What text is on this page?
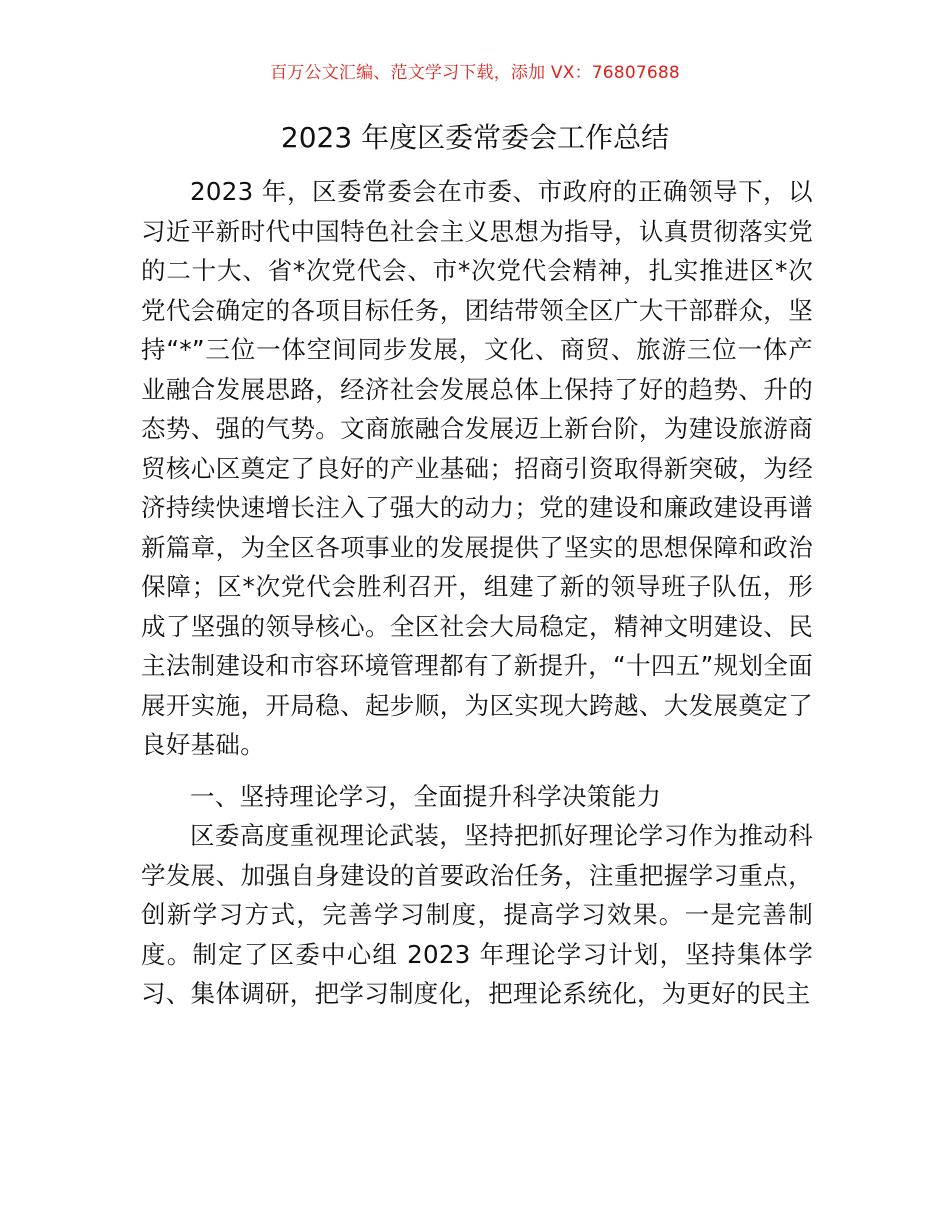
百万公文汇编、范文学习下载，添加 VX：76807688
2023 年度区委常委会工作总结

2023 年，区委常委会在市委、市政府的正确领导下，以习近平新时代中国特色社会主义思想为指导，认真贯彻落实党的二十大、省*次党代会、市*次党代会精神，扎实推进区*次党代会确定的各项目标任务，团结带领全区广大干部群众，坚持“*”三位一体空间同步发展，文化、商贸、旅游三位一体产业融合发展思路，经济社会发展总体上保持了好的趋势、升的态势、强的气势。文商旅融合发展迈上新台阶，为建设旅游商贸核心区奠定了良好的产业基础；招商引资取得新突破，为经济持续快速增长注入了强大的动力；党的建设和廉政建设再谱新篇章，为全区各项事业的发展提供了坚实的思想保障和政治保障；区*次党代会胜利召开，组建了新的领导班子队伍，形成了坚强的领导核心。全区社会大局稳定，精神文明建设、民主法制建设和市容环境管理都有了新提升，“十四五”规划全面展开实施，开局稳、起步顺，为区实现大跨越、大发展奠定了良好基础。

一、坚持理论学习，全面提升科学决策能力

区委高度重视理论武装，坚持把抓好理论学习作为推动科学发展、加强自身建设的首要政治任务，注重把握学习重点，创新学习方式，完善学习制度，提高学习效果。一是完善制度。制定了区委中心组 2023 年理论学习计划，坚持集体学习、集体调研，把学习制度化，把理论系统化，为更好的民主
